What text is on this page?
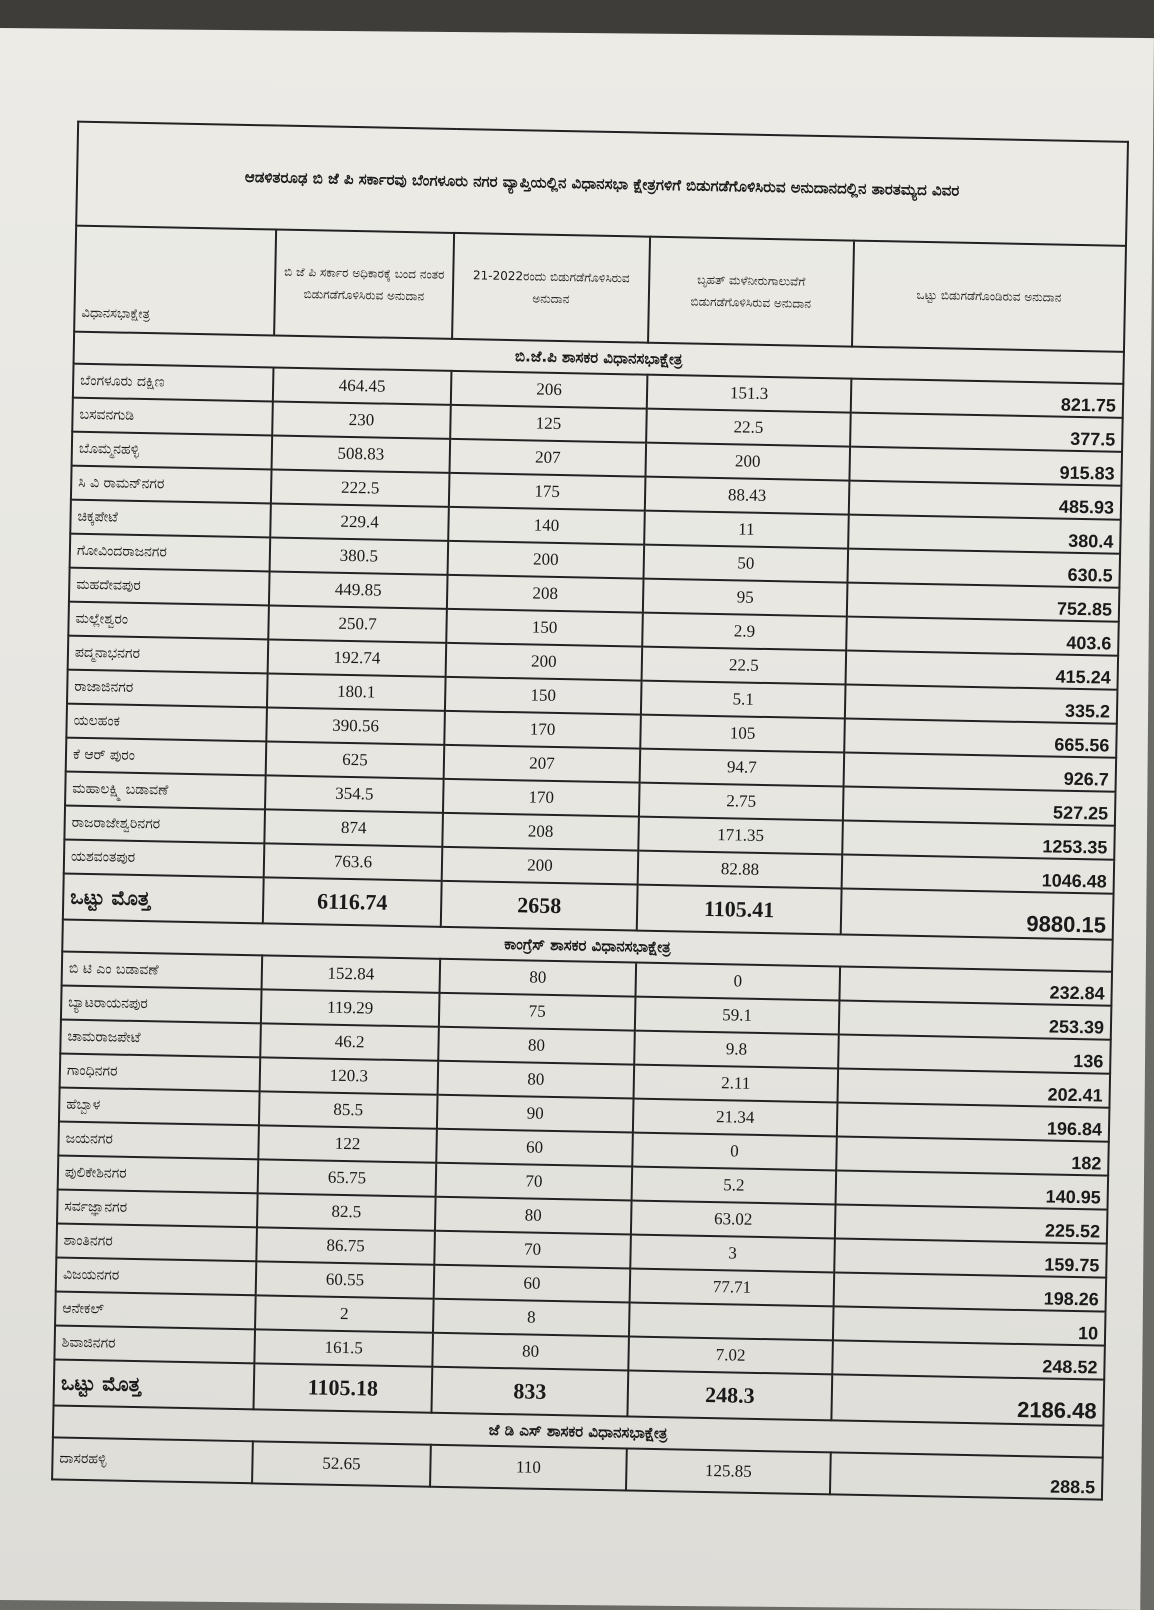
ಆಡಳಿತರೂಢ ಬಿ ಜೆ ಪಿ ಸರ್ಕಾರವು ಬೆಂಗಳೂರು ನಗರ ವ್ಯಾಪ್ತಿಯಲ್ಲಿನ ವಿಧಾನಸಭಾ ಕ್ಷೇತ್ರಗಳಿಗೆ ಬಿಡುಗಡೆಗೊಳಿಸಿರುವ ಅನುದಾನದಲ್ಲಿನ ತಾರತಮ್ಯದ ವಿವರ				
ವಿಧಾನಸಭಾಕ್ಷೇತ್ರ	ಬಿ ಜೆ ಪಿ ಸರ್ಕಾರ ಅಧಿಕಾರಕ್ಕೆ ಬಂದ ನಂತರ ಬಿಡುಗಡೆಗೊಳಿಸಿರುವ ಅನುದಾನ	21-2022ರಂದು ಬಿಡುಗಡೆಗೊಳಿಸಿರುವ ಅನುದಾನ	ಬೃಹತ್ ಮಳೆನೀರುಗಾಲುವೆಗೆ ಬಿಡುಗಡೆಗೊಳಿಸಿರುವ ಅನುದಾನ	ಒಟ್ಟು ಬಿಡುಗಡೆಗೊಂಡಿರುವ ಅನುದಾನ
ಬಿ.ಜೆ.ಪಿ ಶಾಸಕರ ವಿಧಾನಸಭಾಕ್ಷೇತ್ರ				
ಬೆಂಗಳೂರು ದಕ್ಷಿಣ	464.45	206	151.3	821.75
ಬಸವನಗುಡಿ	230	125	22.5	377.5
ಬೊಮ್ಮನಹಳ್ಳಿ	508.83	207	200	915.83
ಸಿ ವಿ ರಾಮನ್‌ನಗರ	222.5	175	88.43	485.93
ಚಿಕ್ಕಪೇಟೆ	229.4	140	11	380.4
ಗೋವಿಂದರಾಜನಗರ	380.5	200	50	630.5
ಮಹದೇವಪುರ	449.85	208	95	752.85
ಮಲ್ಲೇಶ್ವರಂ	250.7	150	2.9	403.6
ಪದ್ಮನಾಭನಗರ	192.74	200	22.5	415.24
ರಾಜಾಜಿನಗರ	180.1	150	5.1	335.2
ಯಲಹಂಕ	390.56	170	105	665.56
ಕೆ ಆರ್ ಪುರಂ	625	207	94.7	926.7
ಮಹಾಲಕ್ಷ್ಮಿ ಬಡಾವಣೆ	354.5	170	2.75	527.25
ರಾಜರಾಜೇಶ್ವರಿನಗರ	874	208	171.35	1253.35
ಯಶವಂತಪುರ	763.6	200	82.88	1046.48
ಒಟ್ಟು ಮೊತ್ತ	6116.74	2658	1105.41	9880.15
ಕಾಂಗ್ರೆಸ್ ಶಾಸಕರ ವಿಧಾನಸಭಾಕ್ಷೇತ್ರ				
ಬಿ ಟಿ ಎಂ ಬಡಾವಣೆ	152.84	80	0	232.84
ಬ್ಯಾಟರಾಯನಪುರ	119.29	75	59.1	253.39
ಚಾಮರಾಜಪೇಟೆ	46.2	80	9.8	136
ಗಾಂಧಿನಗರ	120.3	80	2.11	202.41
ಹೆಬ್ಬಾಳ	85.5	90	21.34	196.84
ಜಯನಗರ	122	60	0	182
ಪುಲಿಕೇಶಿನಗರ	65.75	70	5.2	140.95
ಸರ್ವಜ್ಞಾನಗರ	82.5	80	63.02	225.52
ಶಾಂತಿನಗರ	86.75	70	3	159.75
ವಿಜಯನಗರ	60.55	60	77.71	198.26
ಆನೇಕಲ್	2	8		10
ಶಿವಾಜಿನಗರ	161.5	80	7.02	248.52
ಒಟ್ಟು ಮೊತ್ತ	1105.18	833	248.3	2186.48
ಜೆ ಡಿ ಎಸ್ ಶಾಸಕರ ವಿಧಾನಸಭಾಕ್ಷೇತ್ರ				
ದಾಸರಹಳ್ಳಿ	52.65	110	125.85	288.5
